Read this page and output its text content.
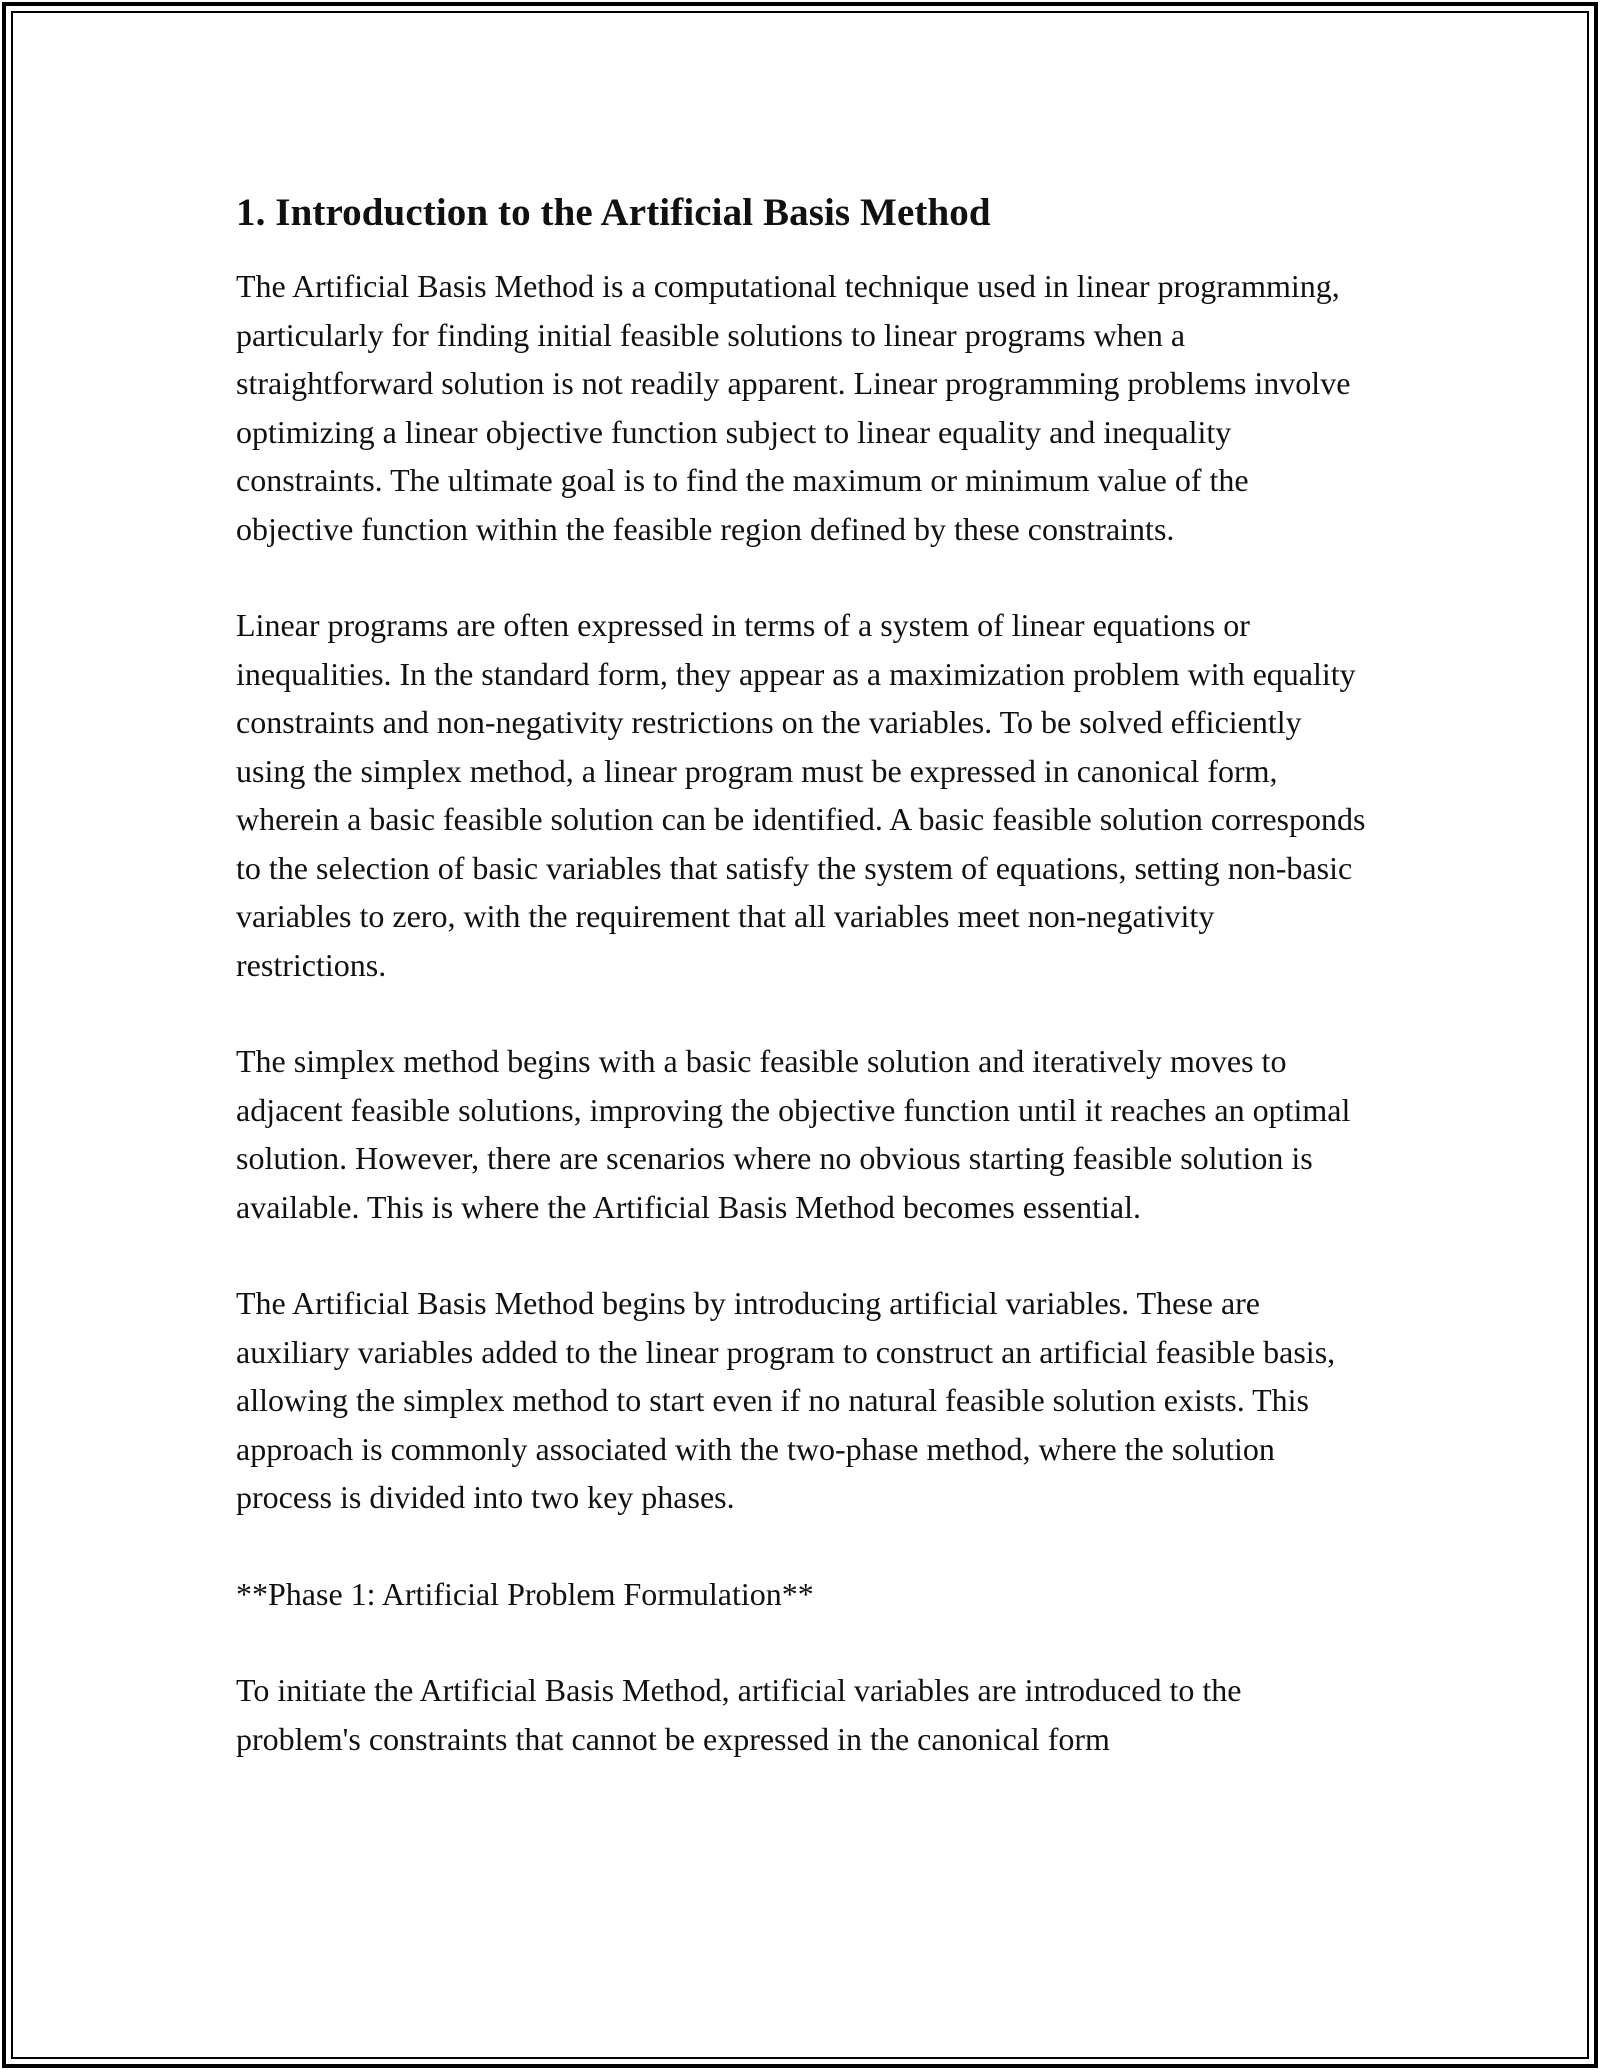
1. Introduction to the Artificial Basis Method

The Artificial Basis Method is a computational technique used in linear programming, particularly for finding initial feasible solutions to linear programs when a straightforward solution is not readily apparent. Linear programming problems involve optimizing a linear objective function subject to linear equality and inequality constraints. The ultimate goal is to find the maximum or minimum value of the objective function within the feasible region defined by these constraints.

Linear programs are often expressed in terms of a system of linear equations or inequalities. In the standard form, they appear as a maximization problem with equality constraints and non-negativity restrictions on the variables. To be solved efficiently using the simplex method, a linear program must be expressed in canonical form, wherein a basic feasible solution can be identified. A basic feasible solution corresponds to the selection of basic variables that satisfy the system of equations, setting non-basic variables to zero, with the requirement that all variables meet non-negativity restrictions.

The simplex method begins with a basic feasible solution and iteratively moves to adjacent feasible solutions, improving the objective function until it reaches an optimal solution. However, there are scenarios where no obvious starting feasible solution is available. This is where the Artificial Basis Method becomes essential.

The Artificial Basis Method begins by introducing artificial variables. These are auxiliary variables added to the linear program to construct an artificial feasible basis, allowing the simplex method to start even if no natural feasible solution exists. This approach is commonly associated with the two-phase method, where the solution process is divided into two key phases.

**Phase 1: Artificial Problem Formulation**

To initiate the Artificial Basis Method, artificial variables are introduced to the problem's constraints that cannot be expressed in the canonical form
